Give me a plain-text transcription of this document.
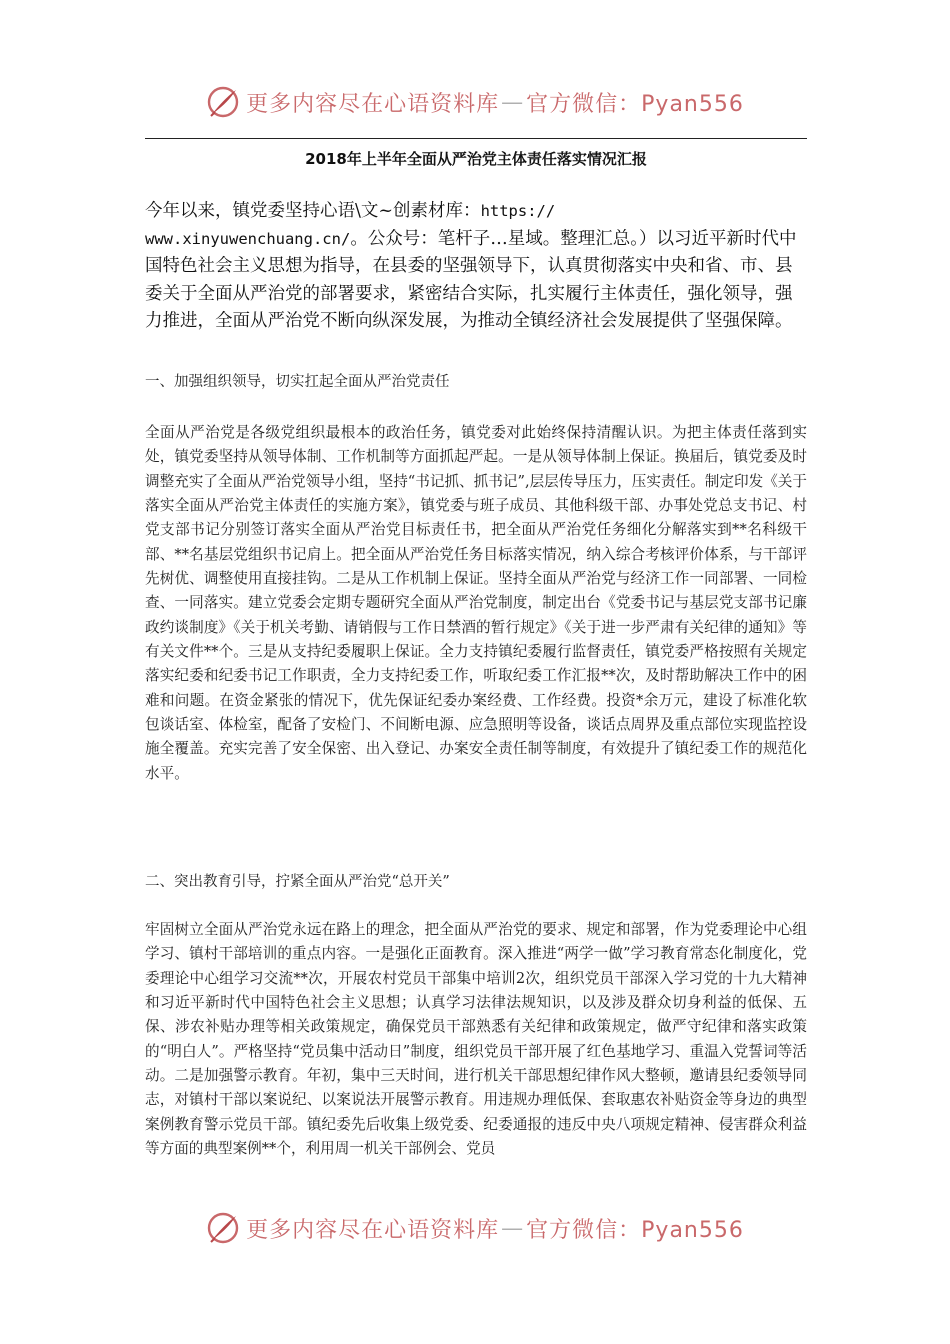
更多内容尽在心语资料库 — 官方微信：Pyan556
2018年上半年全面从严治党主体责任落实情况汇报

今年以来，镇党委坚持心语\文~创素材库：https://
www.xinyuwenchuang.cn/。公众号：笔杆子…星域。整理汇总。）以习近平新时代中国特色社会主义思想为指导，在县委的坚强领导下，认真贯彻落实中央和省、市、县委关于全面从严治党的部署要求，紧密结合实际，扎实履行主体责任，强化领导，强力推进，全面从严治党不断向纵深发展，为推动全镇经济社会发展提供了坚强保障。

一、加强组织领导，切实扛起全面从严治党责任

全面从严治党是各级党组织最根本的政治任务，镇党委对此始终保持清醒认识。为把主体责任落到实处，镇党委坚持从领导体制、工作机制等方面抓起严起。一是从领导体制上保证。换届后，镇党委及时调整充实了全面从严治党领导小组，坚持“书记抓、抓书记”,层层传导压力，压实责任。制定印发《关于落实全面从严治党主体责任的实施方案》，镇党委与班子成员、其他科级干部、办事处党总支书记、村党支部书记分别签订落实全面从严治党目标责任书，把全面从严治党任务细化分解落实到**名科级干部、**名基层党组织书记肩上。把全面从严治党任务目标落实情况，纳入综合考核评价体系，与干部评先树优、调整使用直接挂钩。二是从工作机制上保证。坚持全面从严治党与经济工作一同部署、一同检查、一同落实。建立党委会定期专题研究全面从严治党制度，制定出台《党委书记与基层党支部书记廉政约谈制度》《关于机关考勤、请销假与工作日禁酒的暂行规定》《关于进一步严肃有关纪律的通知》等有关文件**个。三是从支持纪委履职上保证。全力支持镇纪委履行监督责任，镇党委严格按照有关规定落实纪委和纪委书记工作职责，全力支持纪委工作，听取纪委工作汇报**次，及时帮助解决工作中的困难和问题。在资金紧张的情况下，优先保证纪委办案经费、工作经费。投资*余万元，建设了标准化软包谈话室、体检室，配备了安检门、不间断电源、应急照明等设备，谈话点周界及重点部位实现监控设施全覆盖。充实完善了安全保密、出入登记、办案安全责任制等制度，有效提升了镇纪委工作的规范化水平。

二、突出教育引导，拧紧全面从严治党“总开关”

牢固树立全面从严治党永远在路上的理念，把全面从严治党的要求、规定和部署，作为党委理论中心组学习、镇村干部培训的重点内容。一是强化正面教育。深入推进“两学一做”学习教育常态化制度化，党委理论中心组学习交流**次，开展农村党员干部集中培训2次，组织党员干部深入学习党的十九大精神和习近平新时代中国特色社会主义思想；认真学习法律法规知识，以及涉及群众切身利益的低保、五保、涉农补贴办理等相关政策规定，确保党员干部熟悉有关纪律和政策规定，做严守纪律和落实政策的“明白人”。严格坚持“党员集中活动日”制度，组织党员干部开展了红色基地学习、重温入党誓词等活动。二是加强警示教育。年初，集中三天时间，进行机关干部思想纪律作风大整顿，邀请县纪委领导同志，对镇村干部以案说纪、以案说法开展警示教育。用违规办理低保、套取惠农补贴资金等身边的典型案例教育警示党员干部。镇纪委先后收集上级党委、纪委通报的违反中央八项规定精神、侵害群众利益等方面的典型案例**个，利用周一机关干部例会、党员

更多内容尽在心语资料库 — 官方微信：Pyan556
